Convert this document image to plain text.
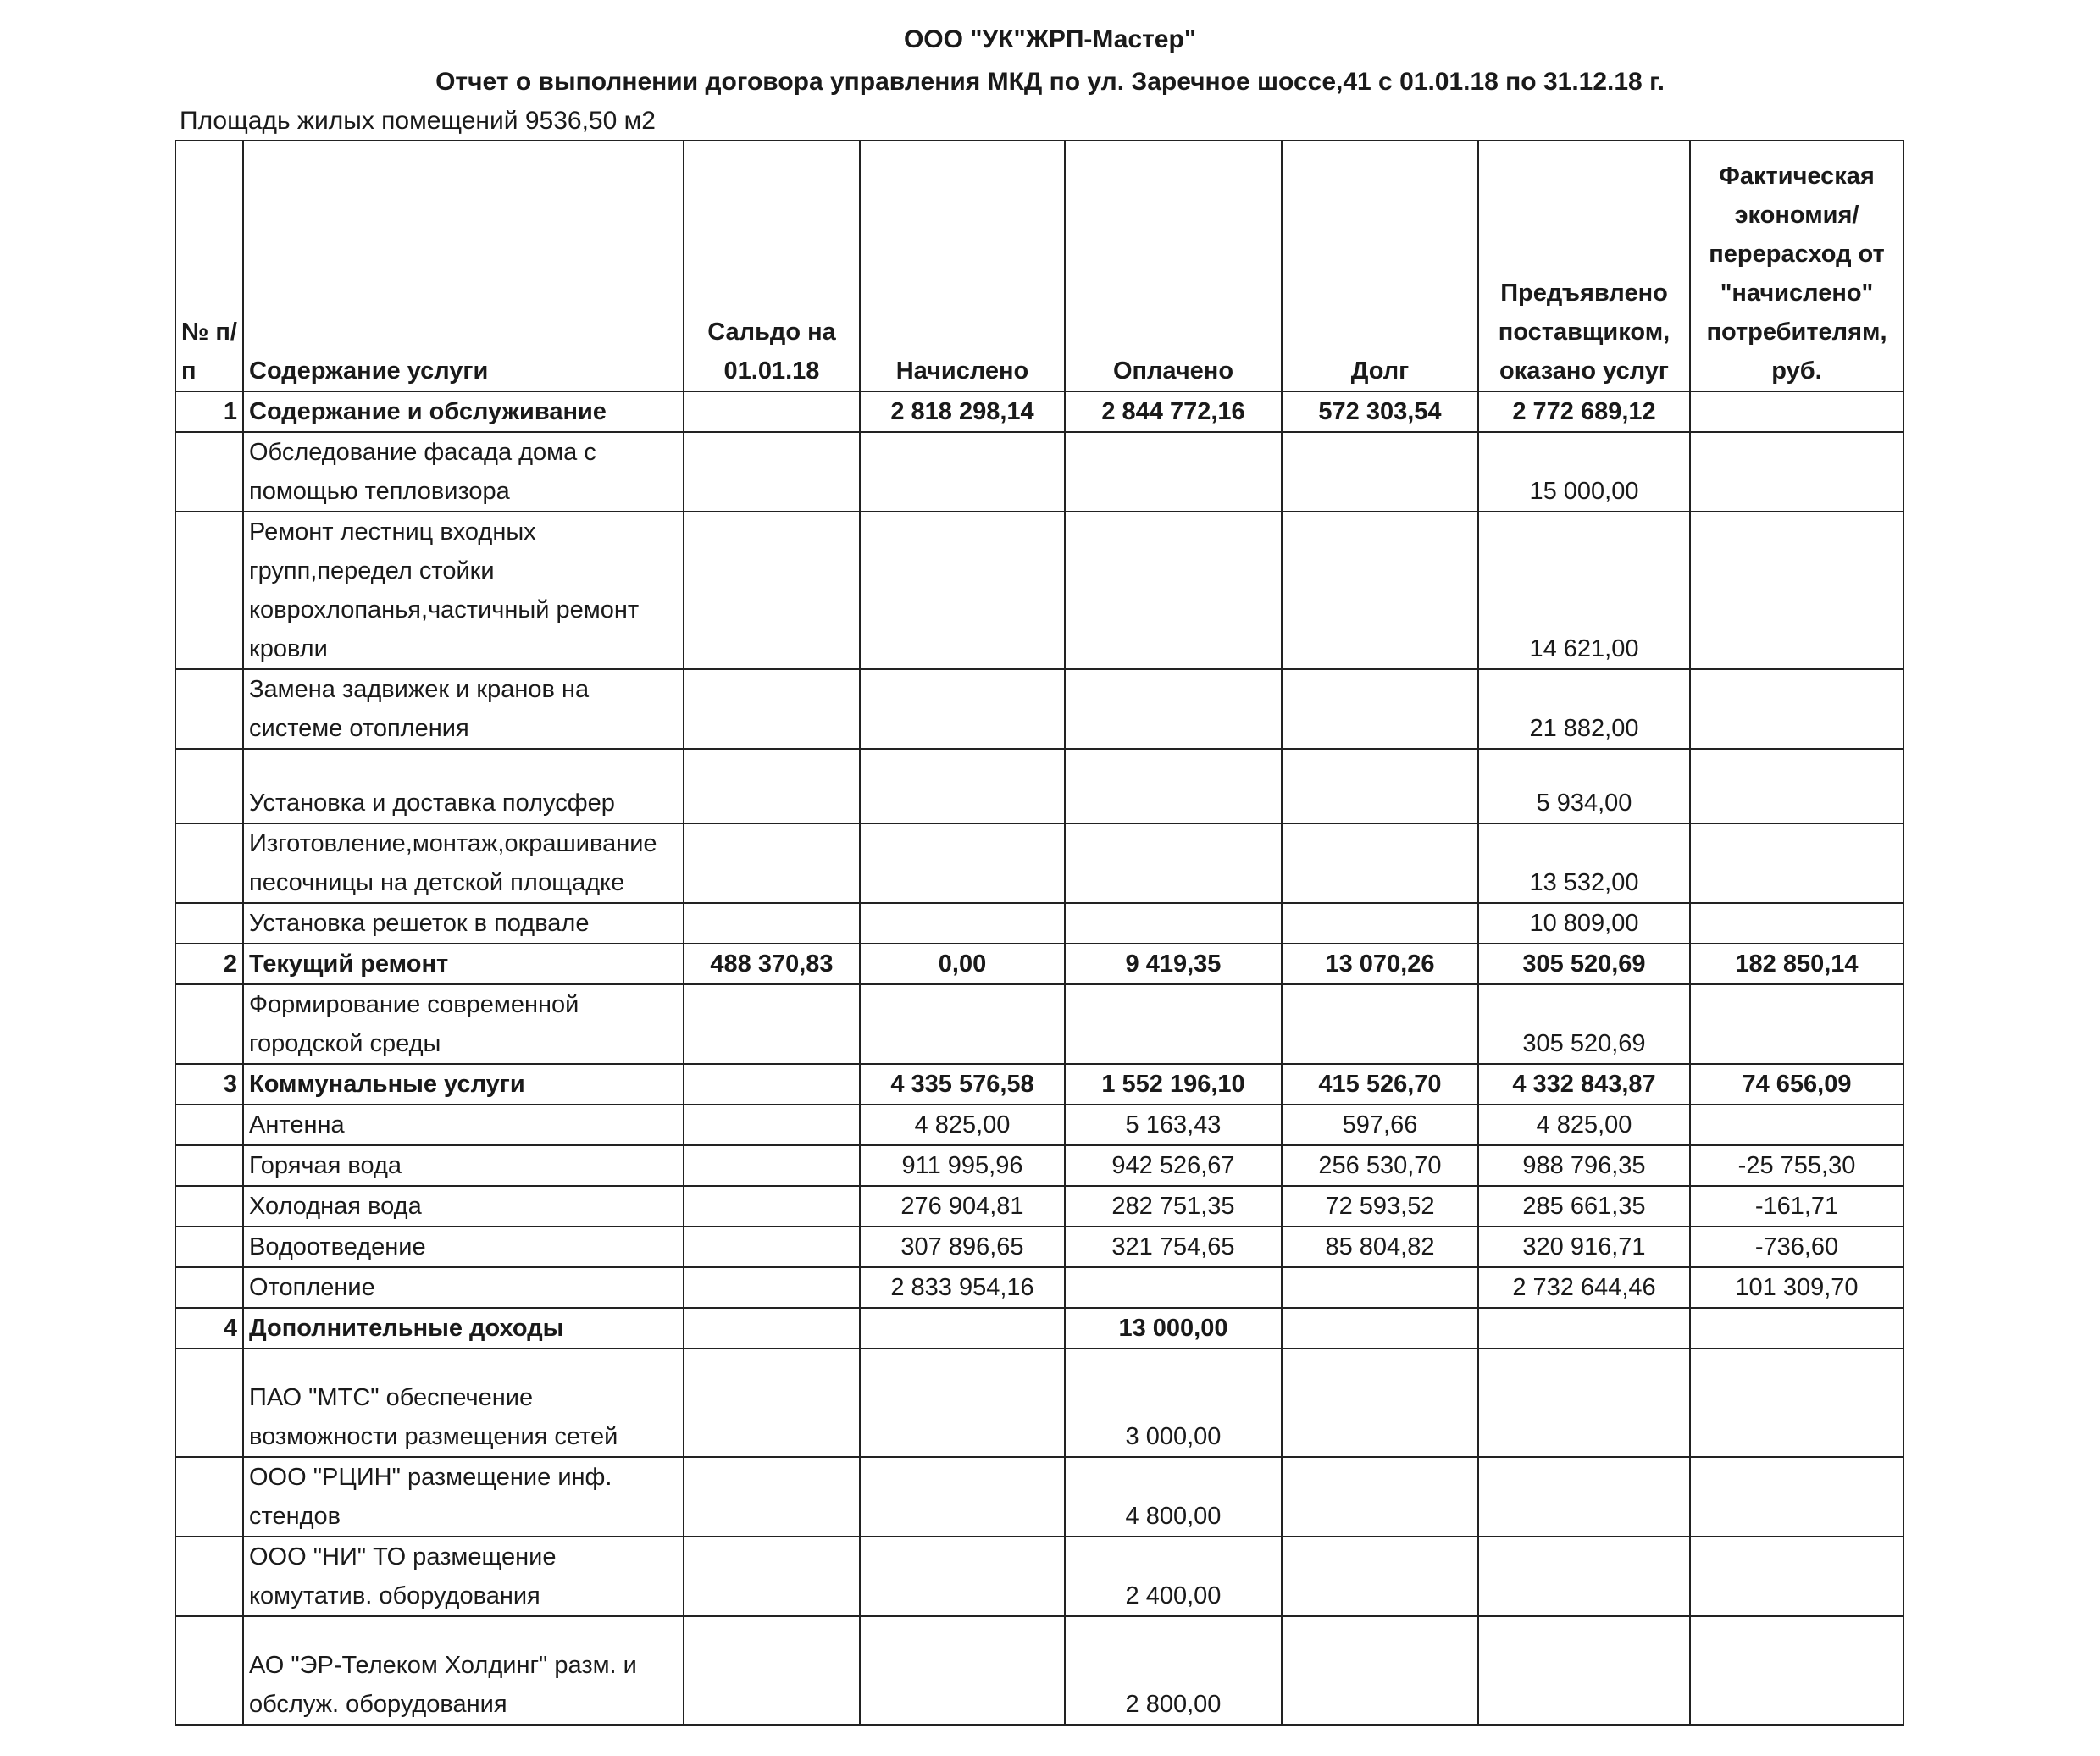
ООО "УК"ЖРП-Мастер"
Отчет о выполнении договора управления МКД по ул. Заречное шоссе,41 с 01.01.18 по 31.12.18 г.
Площадь жилых помещений 9536,50 м2
№ п/п	Содержание услуги	Сальдо на 01.01.18	Начислено	Оплачено	Долг	Предъявлено поставщиком, оказано услуг	Фактическая экономия/перерасход от "начислено" потребителям, руб.
1	Содержание и обслуживание		2 818 298,14	2 844 772,16	572 303,54	2 772 689,12	
	Обследование фасада дома с помощью тепловизора					15 000,00	
	Ремонт лестниц входных групп,передел стойки коврохлопанья,частичный ремонт кровли					14 621,00	
	Замена задвижек и кранов на системе отопления					21 882,00	
	Установка и доставка полусфер					5 934,00	
	Изготовление,монтаж,окрашивание песочницы на детской площадке					13 532,00	
	Установка решеток в подвале					10 809,00	
2	Текущий ремонт	488 370,83	0,00	9 419,35	13 070,26	305 520,69	182 850,14
	Формирование современной городской среды					305 520,69	
3	Коммунальные услуги		4 335 576,58	1 552 196,10	415 526,70	4 332 843,87	74 656,09
	Антенна		4 825,00	5 163,43	597,66	4 825,00	
	Горячая вода		911 995,96	942 526,67	256 530,70	988 796,35	-25 755,30
	Холодная вода		276 904,81	282 751,35	72 593,52	285 661,35	-161,71
	Водоотведение		307 896,65	321 754,65	85 804,82	320 916,71	-736,60
	Отопление		2 833 954,16			2 732 644,46	101 309,70
4	Дополнительные доходы			13 000,00			
	ПАО "МТС" обеспечение возможности размещения сетей			3 000,00			
	ООО "РЦИН" размещение инф. стендов			4 800,00			
	ООО "НИ" ТО размещение комутатив. оборудования			2 400,00			
	АО "ЭР-Телеком Холдинг" разм. и обслуж. оборудования			2 800,00			
